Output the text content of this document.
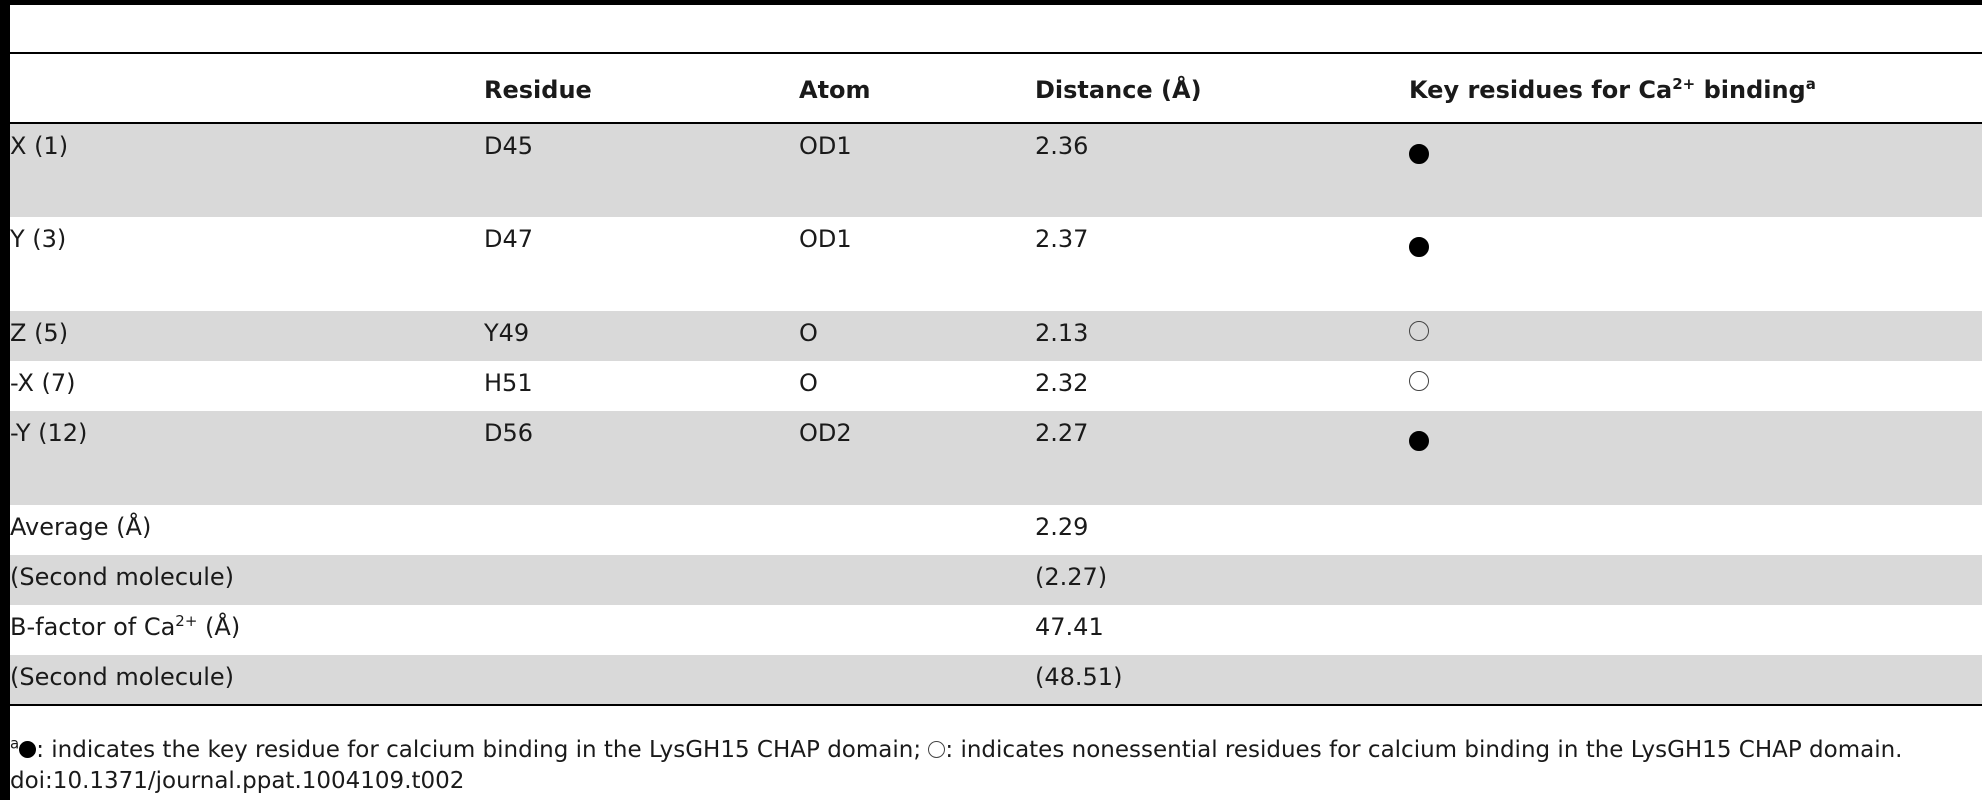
	Residue	Atom	Distance (Å)	Key residues for $Ca^{2+}$ binding$^a$
X (1)	D45	OD1	2.36	
Y (3)	D47	OD1	2.37	
Z (5)	Y49	O	2.13	
-X (7)	H51	O	2.32	
-Y (12)	D56	OD2	2.27	
Average (Å)			2.29	
(Second molecule)			(2.27)	
B-factor of $Ca^{2+}$ (Å)			47.41	
(Second molecule)			(48.51)	
$^a$ : indicates the key residue for calcium binding in the LysGH15 CHAP domain; : indicates nonessential residues for calcium binding in the LysGH15 CHAP domain.
doi:10.1371/journal.ppat.1004109.t002
